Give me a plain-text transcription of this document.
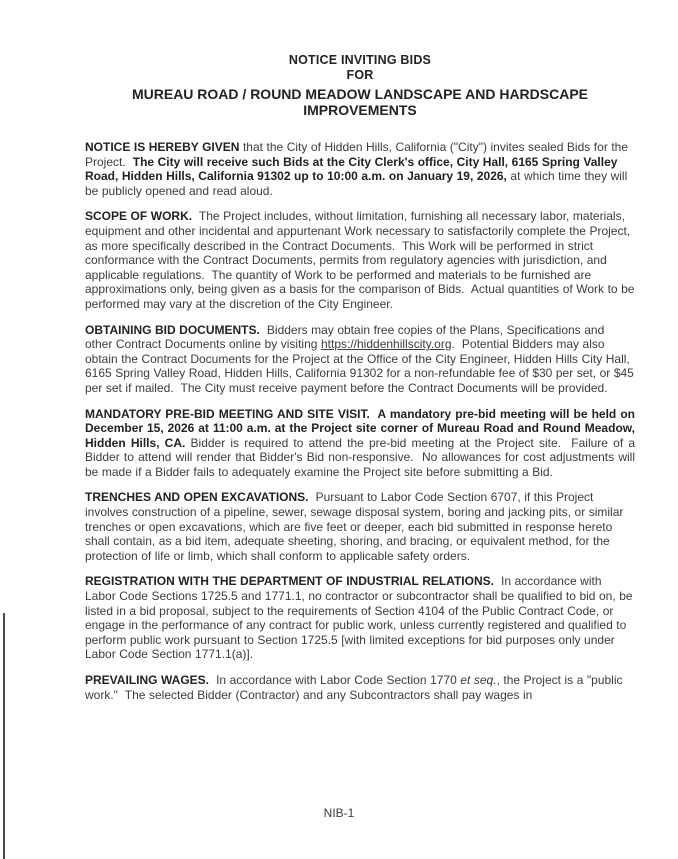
NOTICE INVITING BIDS
FOR
MUREAU ROAD / ROUND MEADOW LANDSCAPE AND HARDSCAPE
IMPROVEMENTS

NOTICE IS HEREBY GIVEN that the City of Hidden Hills, California ("City") invites sealed Bids for the Project.  The City will receive such Bids at the City Clerk's office, City Hall, 6165 Spring Valley Road, Hidden Hills, California 91302 up to 10:00 a.m. on January 19, 2026, at which time they will be publicly opened and read aloud.

SCOPE OF WORK.  The Project includes, without limitation, furnishing all necessary labor, materials, equipment and other incidental and appurtenant Work necessary to satisfactorily complete the Project, as more specifically described in the Contract Documents.  This Work will be performed in strict conformance with the Contract Documents, permits from regulatory agencies with jurisdiction, and applicable regulations.  The quantity of Work to be performed and materials to be furnished are approximations only, being given as a basis for the comparison of Bids.  Actual quantities of Work to be performed may vary at the discretion of the City Engineer.

OBTAINING BID DOCUMENTS.  Bidders may obtain free copies of the Plans, Specifications and other Contract Documents online by visiting https://hiddenhillscity.org.  Potential Bidders may also obtain the Contract Documents for the Project at the Office of the City Engineer, Hidden Hills City Hall, 6165 Spring Valley Road, Hidden Hills, California 91302 for a non-refundable fee of $30 per set, or $45 per set if mailed.  The City must receive payment before the Contract Documents will be provided.

MANDATORY PRE-BID MEETING AND SITE VISIT.  A mandatory pre-bid meeting will be held on December 15, 2026 at 11:00 a.m. at the Project site corner of Mureau Road and Round Meadow, Hidden Hills, CA. Bidder is required to attend the pre-bid meeting at the Project site.  Failure of a Bidder to attend will render that Bidder's Bid non-responsive.  No allowances for cost adjustments will be made if a Bidder fails to adequately examine the Project site before submitting a Bid.

TRENCHES AND OPEN EXCAVATIONS.  Pursuant to Labor Code Section 6707, if this Project involves construction of a pipeline, sewer, sewage disposal system, boring and jacking pits, or similar trenches or open excavations, which are five feet or deeper, each bid submitted in response hereto shall contain, as a bid item, adequate sheeting, shoring, and bracing, or equivalent method, for the protection of life or limb, which shall conform to applicable safety orders.

REGISTRATION WITH THE DEPARTMENT OF INDUSTRIAL RELATIONS.  In accordance with Labor Code Sections 1725.5 and 1771.1, no contractor or subcontractor shall be qualified to bid on, be listed in a bid proposal, subject to the requirements of Section 4104 of the Public Contract Code, or engage in the performance of any contract for public work, unless currently registered and qualified to perform public work pursuant to Section 1725.5 [with limited exceptions for bid purposes only under Labor Code Section 1771.1(a)].

PREVAILING WAGES.  In accordance with Labor Code Section 1770 et seq., the Project is a "public work."  The selected Bidder (Contractor) and any Subcontractors shall pay wages in

NIB-1
